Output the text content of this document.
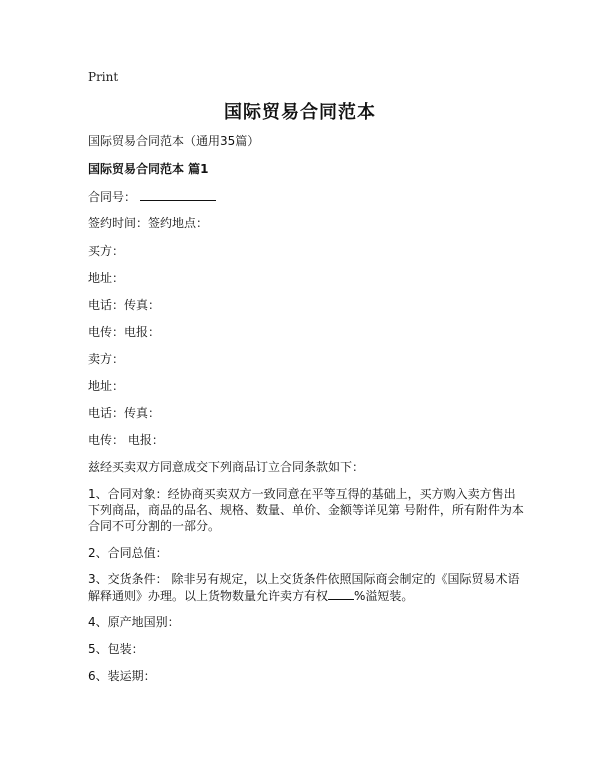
Print
国际贸易合同范本
国际贸易合同范本（通用35篇）
国际贸易合同范本 篇1
合同号：
签约时间：签约地点：
买方：
地址：
电话：传真：
电传：电报：
卖方：
地址：
电话：传真：
电传： 电报：
兹经买卖双方同意成交下列商品订立合同条款如下：
1、合同对象：经协商买卖双方一致同意在平等互得的基础上，买方购入卖方售出下列商品，商品的品名、规格、数量、单价、金额等详见第 号附件，所有附件为本合同不可分割的一部分。
2、合同总值：
3、交货条件： 除非另有规定，以上交货条件依照国际商会制定的《国际贸易术语解释通则》办理。以上货物数量允许卖方有权 %溢短装。
4、原产地国别：
5、包装：
6、装运期：
